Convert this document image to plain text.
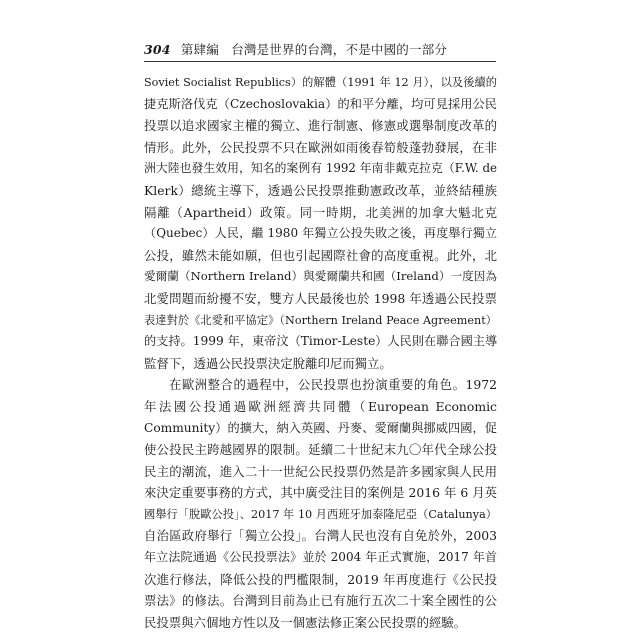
304 第肆編 台灣是世界的台灣，不是中國的一部分
Soviet Socialist Republics）的解體（1991 年 12 月），以及後續的
捷克斯洛伐克（Czechoslovakia）的和平分離，均可見採用公民
投票以追求國家主權的獨立、進行制憲、修憲或選舉制度改革的
情形。此外，公民投票不只在歐洲如雨後春筍般蓬勃發展，在非
洲大陸也發生效用，知名的案例有 1992 年南非戴克拉克（F.W. de
Klerk）總統主導下，透過公民投票推動憲政改革，並終結種族
隔離（Apartheid）政策。同一時期，北美洲的加拿大魁北克
（Quebec）人民，繼 1980 年獨立公投失敗之後，再度舉行獨立
公投，雖然未能如願，但也引起國際社會的高度重視。此外，北
愛爾蘭（Northern Ireland）與愛爾蘭共和國（Ireland）一度因為
北愛問題而紛擾不安，雙方人民最後也於 1998 年透過公民投票
表達對於《北愛和平協定》（Northern Ireland Peace Agreement）
的支持。1999 年，東帝汶（Timor-Leste）人民則在聯合國主導
監督下，透過公民投票決定脫離印尼而獨立。
在歐洲整合的過程中，公民投票也扮演重要的角色。1972
年法國公投通過歐洲經濟共同體（European Economic
Community）的擴大，納入英國、丹麥、愛爾蘭與挪威四國，促
使公投民主跨越國界的限制。延續二十世紀末九〇年代全球公投
民主的潮流，進入二十一世紀公民投票仍然是許多國家與人民用
來決定重要事務的方式，其中廣受注目的案例是 2016 年 6 月英
國舉行「脫歐公投」、2017 年 10 月西班牙加泰隆尼亞（Catalunya）
自治區政府舉行「獨立公投」。台灣人民也沒有自免於外，2003
年立法院通過《公民投票法》並於 2004 年正式實施，2017 年首
次進行修法，降低公投的門檻限制，2019 年再度進行《公民投
票法》的修法。台灣到目前為止已有施行五次二十案全國性的公
民投票與六個地方性以及一個憲法修正案公民投票的經驗。
